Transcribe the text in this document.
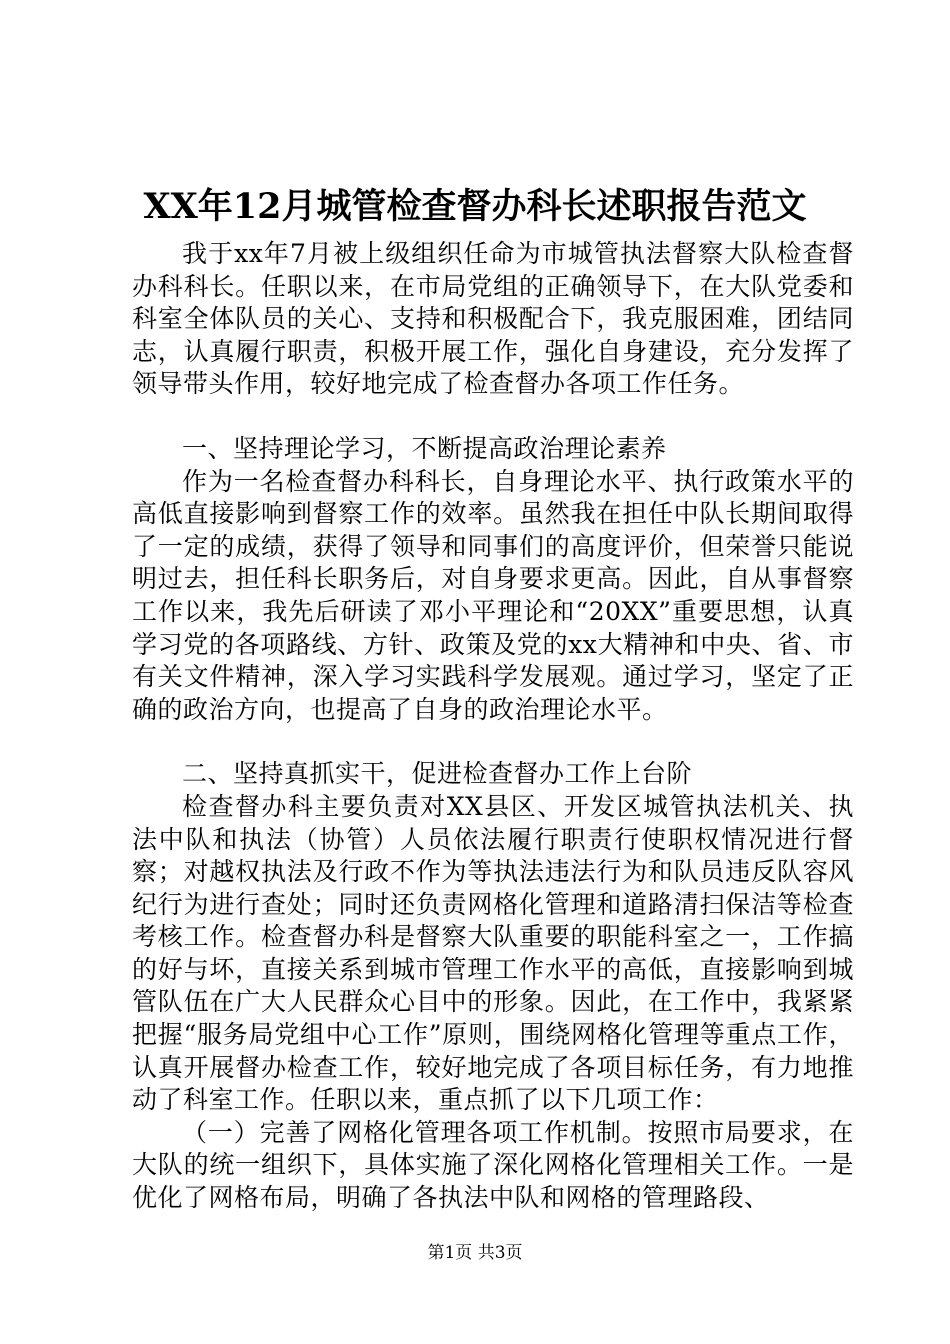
XX年12月城管检查督办科长述职报告范文

我于xx年7月被上级组织任命为市城管执法督察大队检查督办科科长。任职以来，在市局党组的正确领导下，在大队党委和科室全体队员的关心、支持和积极配合下，我克服困难，团结同志，认真履行职责，积极开展工作，强化自身建设，充分发挥了领导带头作用，较好地完成了检查督办各项工作任务。

一、坚持理论学习，不断提高政治理论素养

作为一名检查督办科科长，自身理论水平、执行政策水平的高低直接影响到督察工作的效率。虽然我在担任中队长期间取得了一定的成绩，获得了领导和同事们的高度评价，但荣誉只能说明过去，担任科长职务后，对自身要求更高。因此，自从事督察工作以来，我先后研读了邓小平理论和“20XX”重要思想，认真学习党的各项路线、方针、政策及党的xx大精神和中央、省、市有关文件精神，深入学习实践科学发展观。通过学习，坚定了正确的政治方向，也提高了自身的政治理论水平。

二、坚持真抓实干，促进检查督办工作上台阶

检查督办科主要负责对XX县区、开发区城管执法机关、执法中队和执法（协管）人员依法履行职责行使职权情况进行督察；对越权执法及行政不作为等执法违法行为和队员违反队容风纪行为进行查处；同时还负责网格化管理和道路清扫保洁等检查考核工作。检查督办科是督察大队重要的职能科室之一，工作搞的好与坏，直接关系到城市管理工作水平的高低，直接影响到城管队伍在广大人民群众心目中的形象。因此，在工作中，我紧紧把握“服务局党组中心工作”原则，围绕网格化管理等重点工作，认真开展督办检查工作，较好地完成了各项目标任务，有力地推动了科室工作。任职以来，重点抓了以下几项工作：

（一）完善了网格化管理各项工作机制。按照市局要求，在大队的统一组织下，具体实施了深化网格化管理相关工作。一是优化了网格布局，明确了各执法中队和网格的管理路段、

第1页 共3页
